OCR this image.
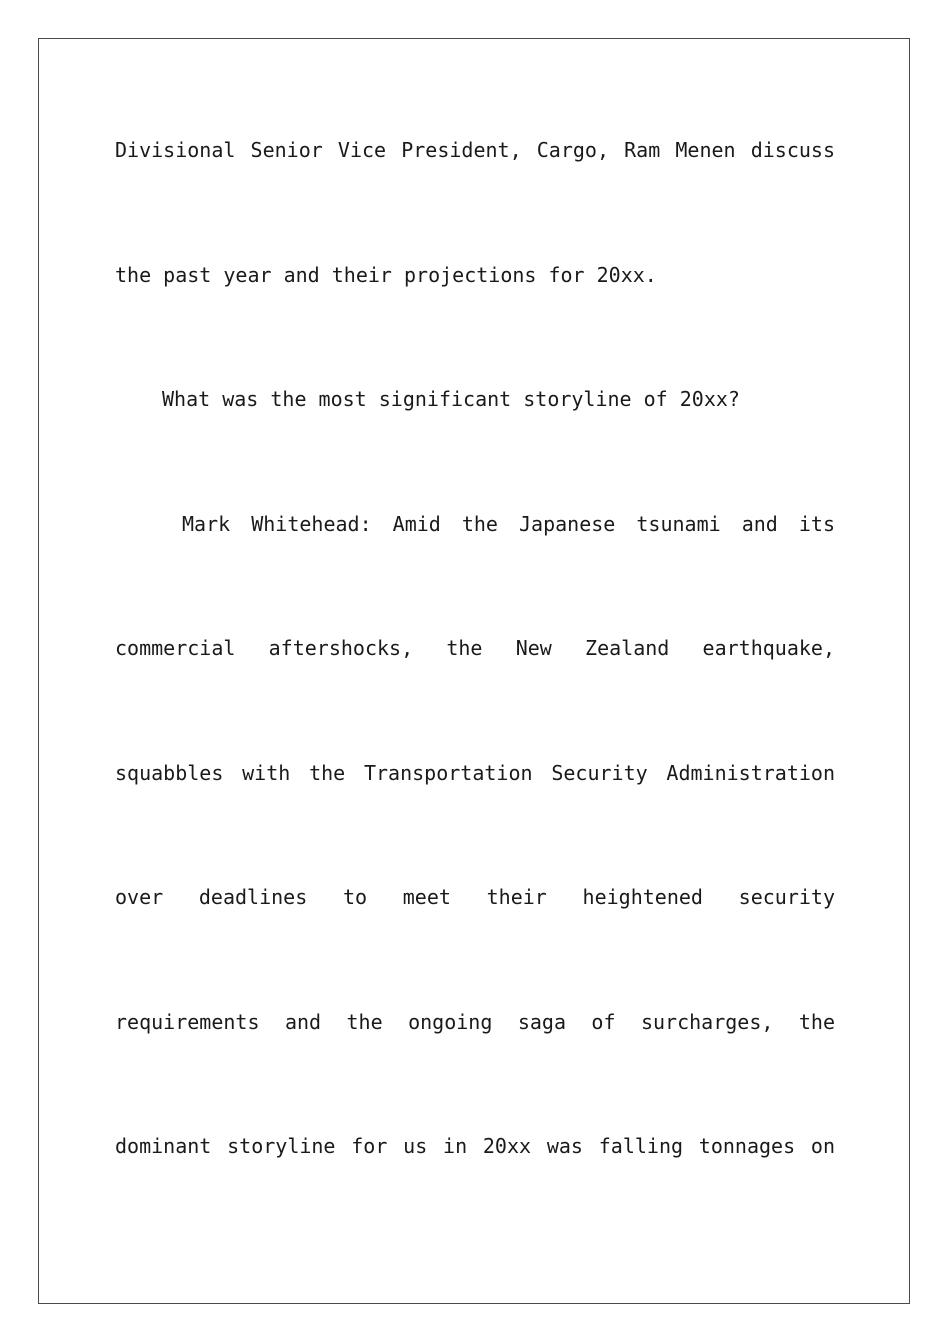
Divisional Senior Vice President, Cargo, Ram Menen discuss
the past year and their projections for 20xx.
What was the most significant storyline of 20xx?
Mark Whitehead: Amid the Japanese tsunami and its
commercial aftershocks, the New Zealand earthquake,
squabbles with the Transportation Security Administration
over deadlines to meet their heightened security
requirements and the ongoing saga of surcharges, the
dominant storyline for us in 20xx was falling tonnages on
